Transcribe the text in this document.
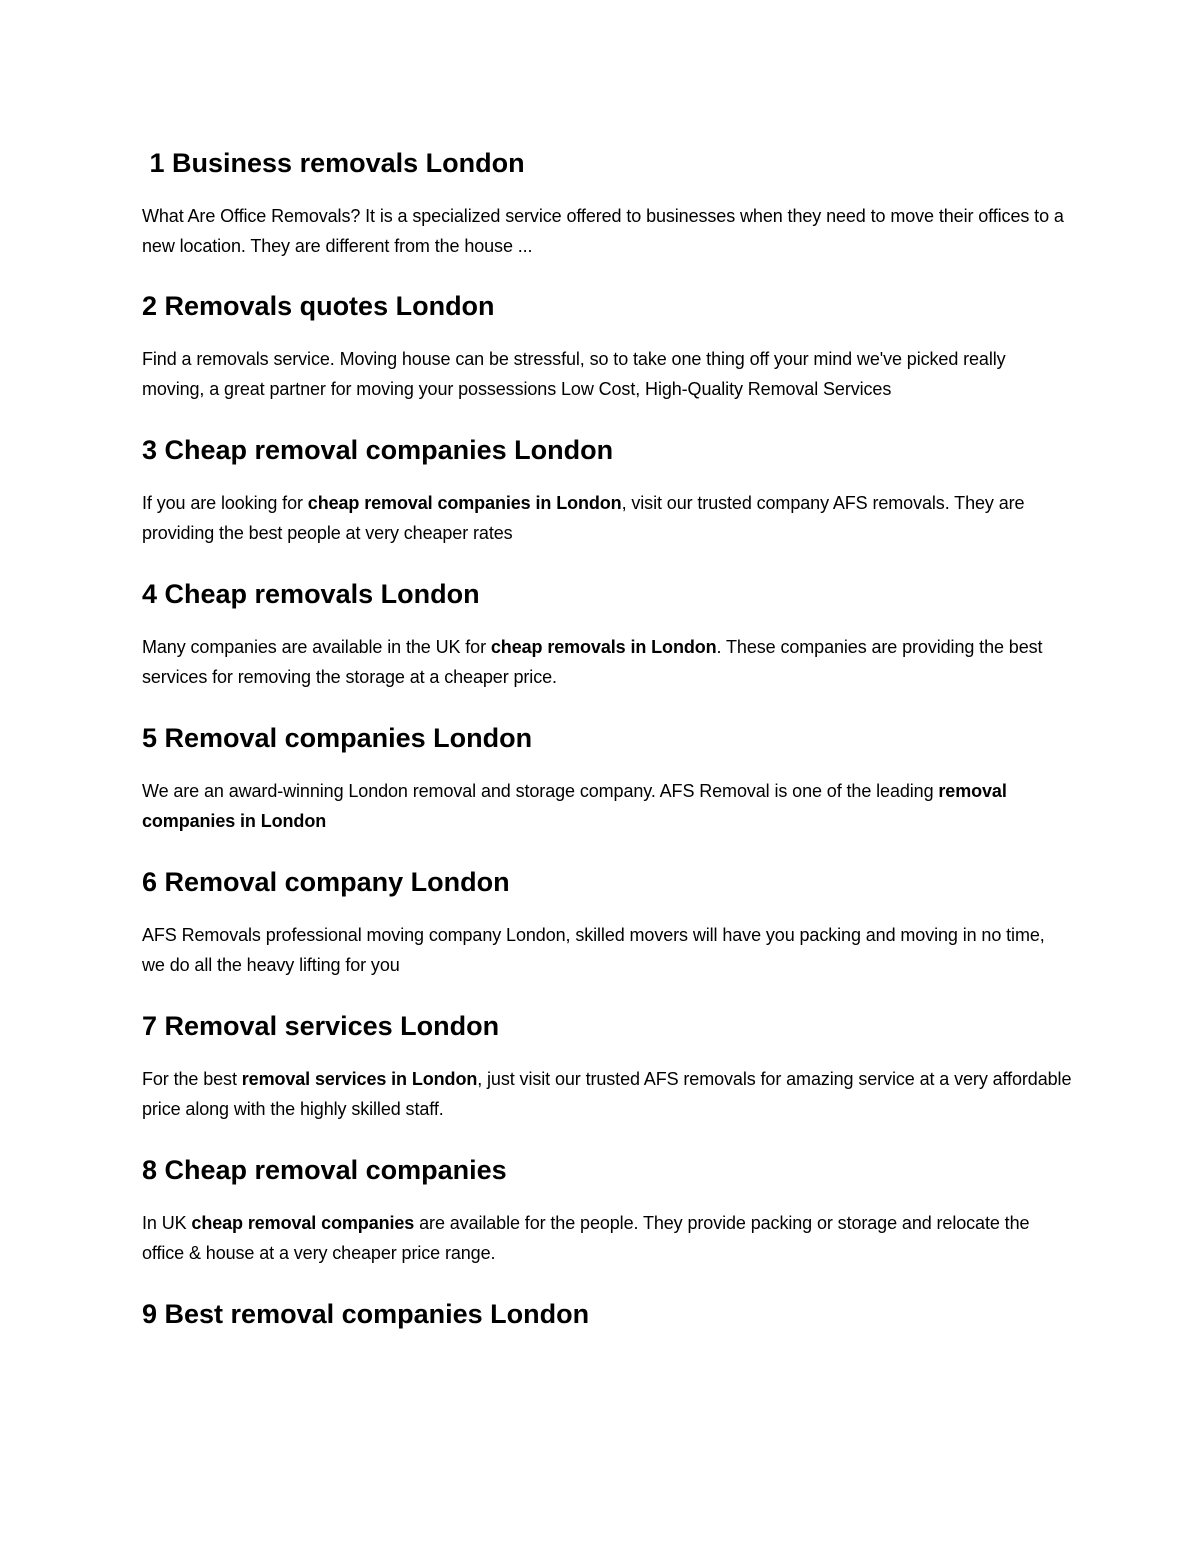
1 Business removals London

What Are Office Removals? It is a specialized service offered to businesses when they need to move their offices to a new location. They are different from the house ...

2 Removals quotes London

Find a removals service. Moving house can be stressful, so to take one thing off your mind we've picked really moving, a great partner for moving your possessions Low Cost, High-Quality Removal Services

3 Cheap removal companies London

If you are looking for cheap removal companies in London, visit our trusted company AFS removals. They are providing the best people at very cheaper rates

4 Cheap removals London

Many companies are available in the UK for cheap removals in London. These companies are providing the best services for removing the storage at a cheaper price.

5 Removal companies London

We are an award-winning London removal and storage company. AFS Removal is one of the leading removal companies in London

6 Removal company London

AFS Removals professional moving company London, skilled movers will have you packing and moving in no time, we do all the heavy lifting for you

7 Removal services London

For the best removal services in London, just visit our trusted AFS removals for amazing service at a very affordable price along with the highly skilled staff.

8 Cheap removal companies

In UK cheap removal companies are available for the people. They provide packing or storage and relocate the office & house at a very cheaper price range.

9 Best removal companies London
